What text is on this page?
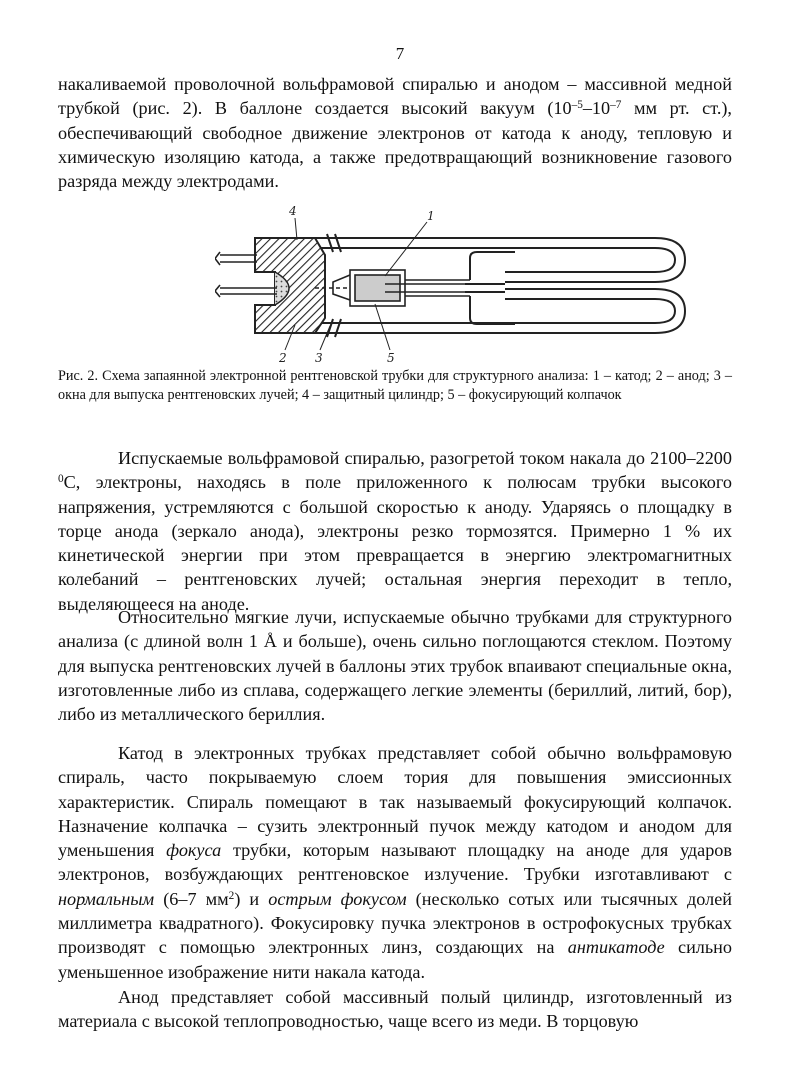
7

накаливаемой проволочной вольфрамовой спиралью и анодом – массивной медной трубкой (рис. 2). В баллоне создается высокий вакуум ($10^{-5}-10^{-7}$ мм рт. ст.), обеспечивающий свободное движение электронов от катода к аноду, тепловую и химическую изоляцию катода, а также предотвращающий возникновение газового разряда между электродами.

4	1
2 3	5

Рис. 2. Схема запаянной электронной рентгеновской трубки для структурного анализа: 1 – катод; 2 – анод; 3 – окна для выпуска рентгеновских лучей; 4 – защитный цилиндр; 5 – фокусирующий колпачок

Испускаемые вольфрамовой спиралью, разогретой током накала до 2100–2200 $^0$С, электроны, находясь в поле приложенного к полюсам трубки высокого напряжения, устремляются с большой скоростью к аноду. Ударяясь о площадку в торце анода (зеркало анода), электроны резко тормозятся. Примерно 1 % их кинетической энергии при этом превращается в энергию электромагнитных колебаний – рентгеновских лучей; остальная энергия переходит в тепло, выделяющееся на аноде.

Относительно мягкие лучи, испускаемые обычно трубками для структурного анализа (с длиной волн 1 Å и больше), очень сильно поглощаются стеклом. Поэтому для выпуска рентгеновских лучей в баллоны этих трубок впаивают специальные окна, изготовленные либо из сплава, содержащего легкие элементы (бериллий, литий, бор), либо из металлического бериллия.

Катод в электронных трубках представляет собой обычно вольфрамовую спираль, часто покрываемую слоем тория для повышения эмиссионных характеристик. Спираль помещают в так называемый фокусирующий колпачок. Назначение колпачка – сузить электронный пучок между катодом и анодом для уменьшения фокуса трубки, которым называют площадку на аноде для ударов электронов, возбуждающих рентгеновское излучение. Трубки изготавливают с нормальным (6–7 $мм^2$) и острым фокусом (несколько сотых или тысячных долей миллиметра квадратного). Фокусировку пучка электронов в острофокусных трубках производят с помощью электронных линз, создающих на антикатоде сильно уменьшенное изображение нити накала катода.

Анод представляет собой массивный полый цилиндр, изготовленный из материала с высокой теплопроводностью, чаще всего из меди. В торцовую
